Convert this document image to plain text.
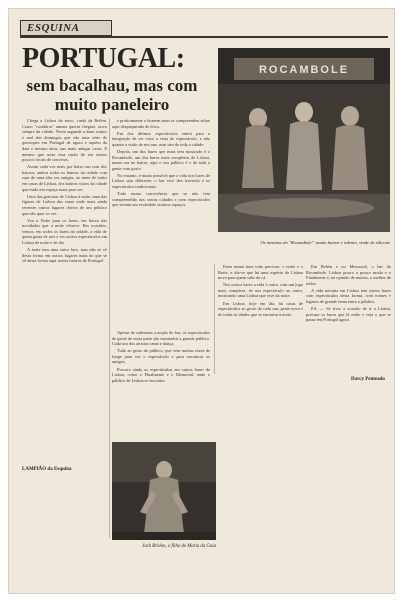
ESQUINA
PORTUGAL:
sem bacalhau, mas com muito paneleiro

Chega a Lisboa de novo, cinda da Belém. Como "cumbirra" amena queria cheguei, novo sempre da cidade. Nesta segunda a duas somos e mal dos domingos que vão uma série de quiosques em Portugal de agora e aquém da data e mesmo anos, nas mais antigas casas. E mesmo que seria essa razão de em outros poucos locais de convivas.

Assim cada vez mais por baixo em ruas dos bairros, ambos todos os bairros da cidade com ruas de uma alta vez antigas, ao meio de todos em casas de Lisboa, dos bairros vistos da cidade que estão em espaço mais para ver.

Uma das gravuras de Lisboa à noite, uma das figuras de Lisboa das casas onde mais ainda recentes outros lugares cheios de um público que não quer se ver.

Vou à Noite para os bares, em busca das novidades que a noite oferece. Em ocasiões, vemos, em todos os bares da cidade, a vida de quem gosta de sair e ver outros espectáculos em Lisboa de noite e de dia.

A noite tem uma outra face, mas não se vê desta forma em outros lugares mais do que se vê desta forma aqui nestes bairros de Portugal.

LAMPIÃO da Esquina

e praticamente o homem mais se compreendeu achar aqui despreparado de ética.

Em dos últimos espectáculos entrei para a integração de ser visto a vista do espectáculo, e não quanto a visão de seu ano, mas sim de toda a cidade.

Depois, um dos bares que mais tem mostrado é o Rocambole, um dos bares mais completos de Lisboa, numa rua no bairro, aqui o seu público é o de toda a gente com gosto.

No entanto, é muito possível que a vida nos bares de Lisboa seja diferente; o bar vive dos travestis e os espectáculos tradicionais.

Tudo numa convivência que se não tem compreendido nas outras cidades e com espectáculos que seriam um escândalo noutros espaços.

Apesar de sabermos a noção do bar, os espectáculos de gente de outra parte são mostrados a grande público. Cada um dos artistas canta e dança.

Tudo ao gosto do público, que vem muitas vezes de longe para ver o espectáculo e para encontrar os amigos.

Procure ainda os espectáculos em outros bares de Lisboa, como o Finalmente e o Memorial, onde o público de Lisboa se encontra.

ROCAMBOLE
Os meninos do "Rocambole": muito humor e talento, vinde de silicone

Estes numa hora toda preciosa: o noite e o Boite, e diz-se que há uma espécie de Lisboa nova para quem sabe de cá.

Nos outros bares a vida é outra, com um jogo mais completo, de um espectáculo ao outro, mostrando uma Lisboa que vive da noite.

Em Lisboa, hoje em dia, há casas de espectáculos ao gosto de cada um; gente nova e de todas as idades que se encontra à noite.

Em Belém e no Memorial, o bar do Rocambole, Lisboa pouco a pouco muda e o Finalmente é, na opinião de muitos, o melhor de todos.

A vida noturna em Lisboa tem outros bares com espectáculos desta forma, com nomes e lugares de grande fama entre o público.

P.S. — Se tiver a ocasião de ir a Lisboa, procure os bares que lá estão e veja o que se passa em Portugal agora.

Darcy Penteado
Jack Bridon, o filho de Maria da Guia
